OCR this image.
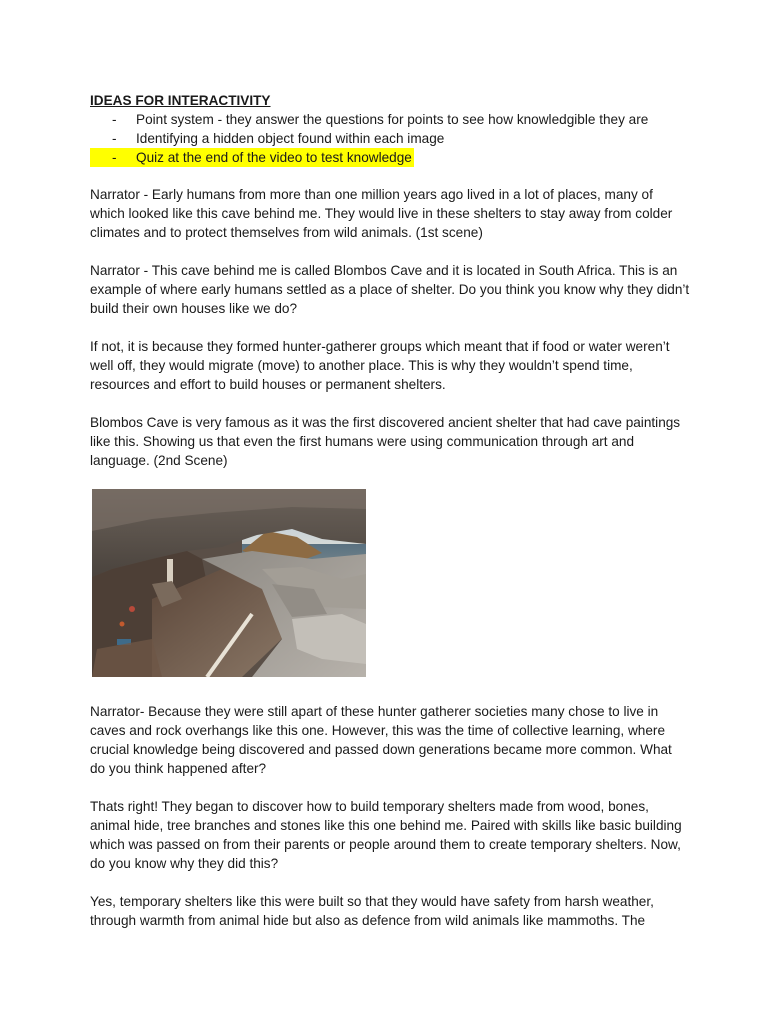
IDEAS FOR INTERACTIVITY

- Point system - they answer the questions for points to see how knowledgible they are
- Identifying a hidden object found within each image
- Quiz at the end of the video to test knowledge

Narrator - Early humans from more than one million years ago lived in a lot of places, many of which looked like this cave behind me. They would live in these shelters to stay away from colder climates and to protect themselves from wild animals. (1st scene)

Narrator - This cave behind me is called Blombos Cave and it is located in South Africa. This is an example of where early humans settled as a place of shelter. Do you think you know why they didn’t build their own houses like we do?

If not, it is because they formed hunter-gatherer groups which meant that if food or water weren’t well off, they would migrate (move) to another place. This is why they wouldn’t spend time, resources and effort to build houses or permanent shelters.

Blombos Cave is very famous as it was the first discovered ancient shelter that had cave paintings like this. Showing us that even the first humans were using communication through art and language. (2nd Scene)

Narrator- Because they were still apart of these hunter gatherer societies many chose to live in caves and rock overhangs like this one. However, this was the time of collective learning, where crucial knowledge being discovered and passed down generations became more common. What do you think happened after?

Thats right! They began to discover how to build temporary shelters made from wood, bones, animal hide, tree branches and stones like this one behind me. Paired with skills like basic building which was passed on from their parents or people around them to create temporary shelters. Now, do you know why they did this?

Yes, temporary shelters like this were built so that they would have safety from harsh weather, through warmth from animal hide but also as defence from wild animals like mammoths. The
